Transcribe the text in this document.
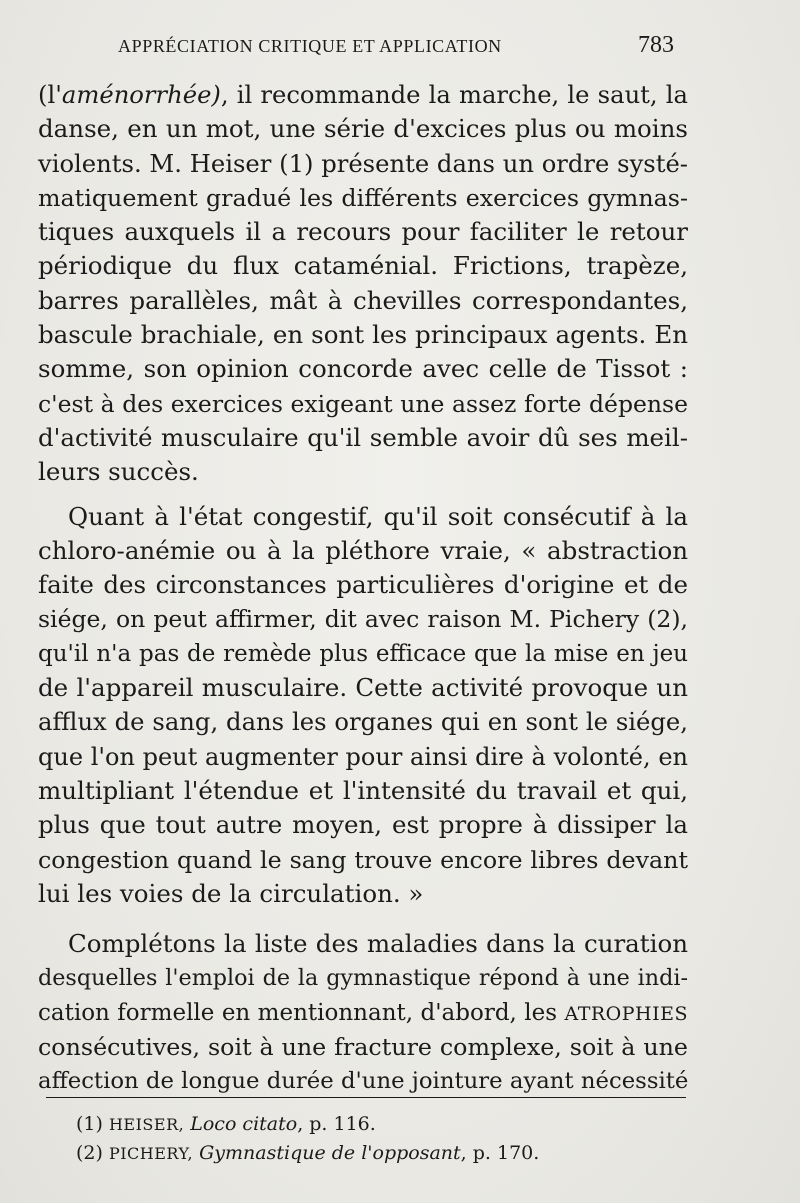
APPRÉCIATION CRITIQUE ET APPLICATION	783
(l'aménorrhée), il recommande la marche, le saut, la
danse, en un mot, une série d'excices plus ou moins
violents. M. Heiser (1) présente dans un ordre systé-
matiquement gradué les différents exercices gymnas-
tiques auxquels il a recours pour faciliter le retour
périodique du flux cataménial. Frictions, trapèze,
barres parallèles, mât à chevilles correspondantes,
bascule brachiale, en sont les principaux agents. En
somme, son opinion concorde avec celle de Tissot :
c'est à des exercices exigeant une assez forte dépense
d'activité musculaire qu'il semble avoir dû ses meil-
leurs succès.
Quant à l'état congestif, qu'il soit consécutif à la
chloro-anémie ou à la pléthore vraie, « abstraction
faite des circonstances particulières d'origine et de
siége, on peut affirmer, dit avec raison M. Pichery (2),
qu'il n'a pas de remède plus efficace que la mise en jeu
de l'appareil musculaire. Cette activité provoque un
afflux de sang, dans les organes qui en sont le siége,
que l'on peut augmenter pour ainsi dire à volonté, en
multipliant l'étendue et l'intensité du travail et qui,
plus que tout autre moyen, est propre à dissiper la
congestion quand le sang trouve encore libres devant
lui les voies de la circulation. »
Complétons la liste des maladies dans la curation
desquelles l'emploi de la gymnastique répond à une indi-
cation formelle en mentionnant, d'abord, les ATROPHIES
consécutives, soit à une fracture complexe, soit à une
affection de longue durée d'une jointure ayant nécessité
(1) HEISER, Loco citato, p. 116.
(2) PICHERY, Gymnastique de l'opposant, p. 170.
